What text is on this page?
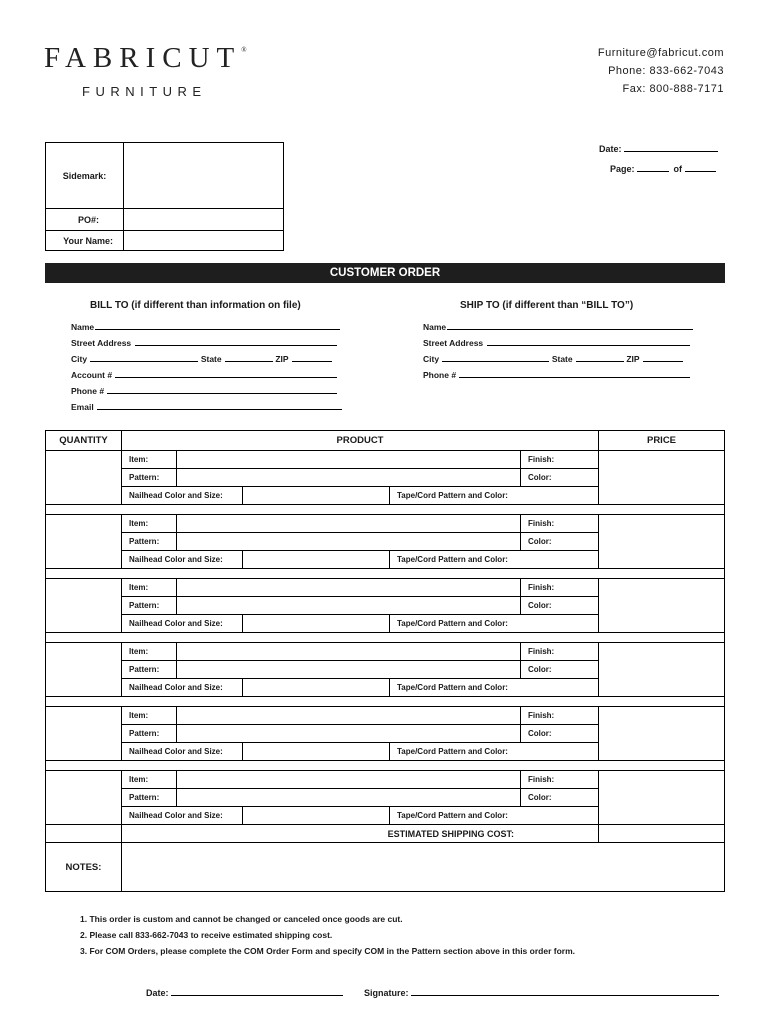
FABRICUT®
FURNITURE
Furniture@fabricut.com
Phone: 833-662-7043
Fax: 800-888-7171
Date:
Page:	of
Sidemark:	
PO#:	
Your Name:	
CUSTOMER ORDER
BILL TO (if different than information on file)
Name
Street Address
City	State	ZIP
Account #
Phone #
Email
SHIP TO (if different than “BILL TO”)
Name
Street Address
City	State	ZIP
Phone #
QUANTITY	PRODUCT					PRICE
	Item:				Finish:	
	Pattern:				Color:	
	Nailhead Color and Size:			Tape/Cord Pattern and Color:		

	Item:				Finish:	
	Pattern:				Color:	
	Nailhead Color and Size:			Tape/Cord Pattern and Color:		

	Item:				Finish:	
	Pattern:				Color:	
	Nailhead Color and Size:			Tape/Cord Pattern and Color:		

	Item:				Finish:	
	Pattern:				Color:	
	Nailhead Color and Size:			Tape/Cord Pattern and Color:		

	Item:				Finish:	
	Pattern:				Color:	
	Nailhead Color and Size:			Tape/Cord Pattern and Color:		

	Item:				Finish:	
	Pattern:				Color:	
	Nailhead Color and Size:			Tape/Cord Pattern and Color:		
	ESTIMATED SHIPPING COST:					
NOTES:						
1. This order is custom and cannot be changed or canceled once goods are cut.
2. Please call 833-662-7043 to receive estimated shipping cost.
3. For COM Orders, please complete the COM Order Form and specify COM in the Pattern section above in this order form.
Date:	Signature:
